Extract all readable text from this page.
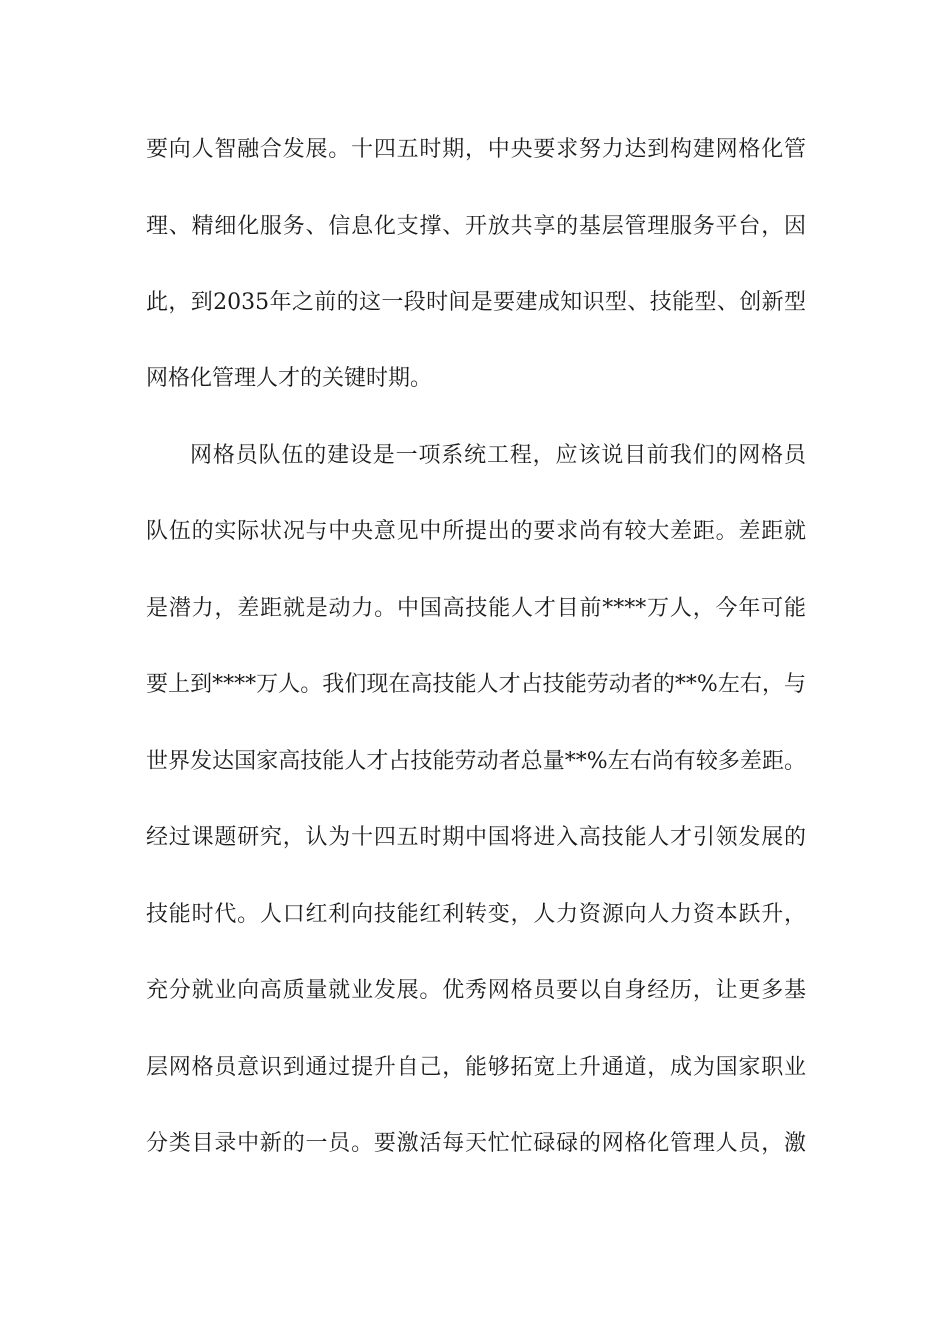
要向人智融合发展。十四五时期，中央要求努力达到构建网格化管
理、精细化服务、信息化支撑、开放共享的基层管理服务平台，因
此，到2035年之前的这一段时间是要建成知识型、技能型、创新型
网格化管理人才的关键时期。
网格员队伍的建设是一项系统工程，应该说目前我们的网格员
队伍的实际状况与中央意见中所提出的要求尚有较大差距。差距就
是潜力，差距就是动力。中国高技能人才目前****万人，今年可能
要上到****万人。我们现在高技能人才占技能劳动者的**%左右，与
世界发达国家高技能人才占技能劳动者总量**%左右尚有较多差距。
经过课题研究，认为十四五时期中国将进入高技能人才引领发展的
技能时代。人口红利向技能红利转变，人力资源向人力资本跃升，
充分就业向高质量就业发展。优秀网格员要以自身经历，让更多基
层网格员意识到通过提升自己，能够拓宽上升通道，成为国家职业
分类目录中新的一员。要激活每天忙忙碌碌的网格化管理人员，激
